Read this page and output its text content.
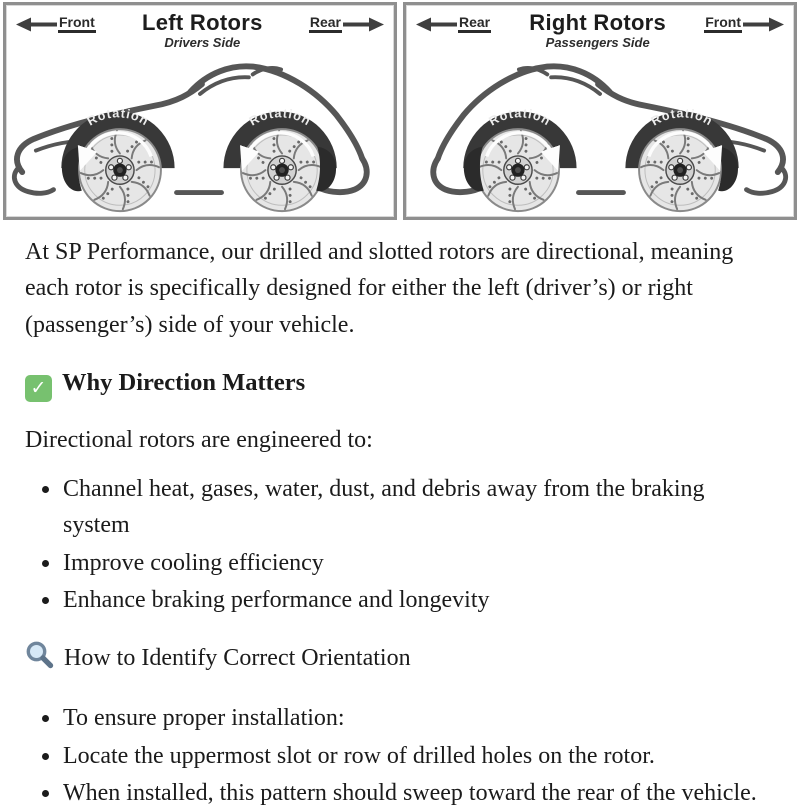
Front	Left Rotors
Drivers Side
Rear
Rotation	Rotation
Rear	Right Rotors
Passengers Side
Front
Rotation	Rotation

At SP Performance, our drilled and slotted rotors are directional, meaning each rotor is specifically designed for either the left (driver’s) or right (passenger’s) side of your vehicle.

✓ Why Direction Matters

Directional rotors are engineered to:

• Channel heat, gases, water, dust, and debris away from the braking system
• Improve cooling efficiency
• Enhance braking performance and longevity

How to Identify Correct Orientation

• To ensure proper installation:
• Locate the uppermost slot or row of drilled holes on the rotor.
• When installed, this pattern should sweep toward the rear of the vehicle.
